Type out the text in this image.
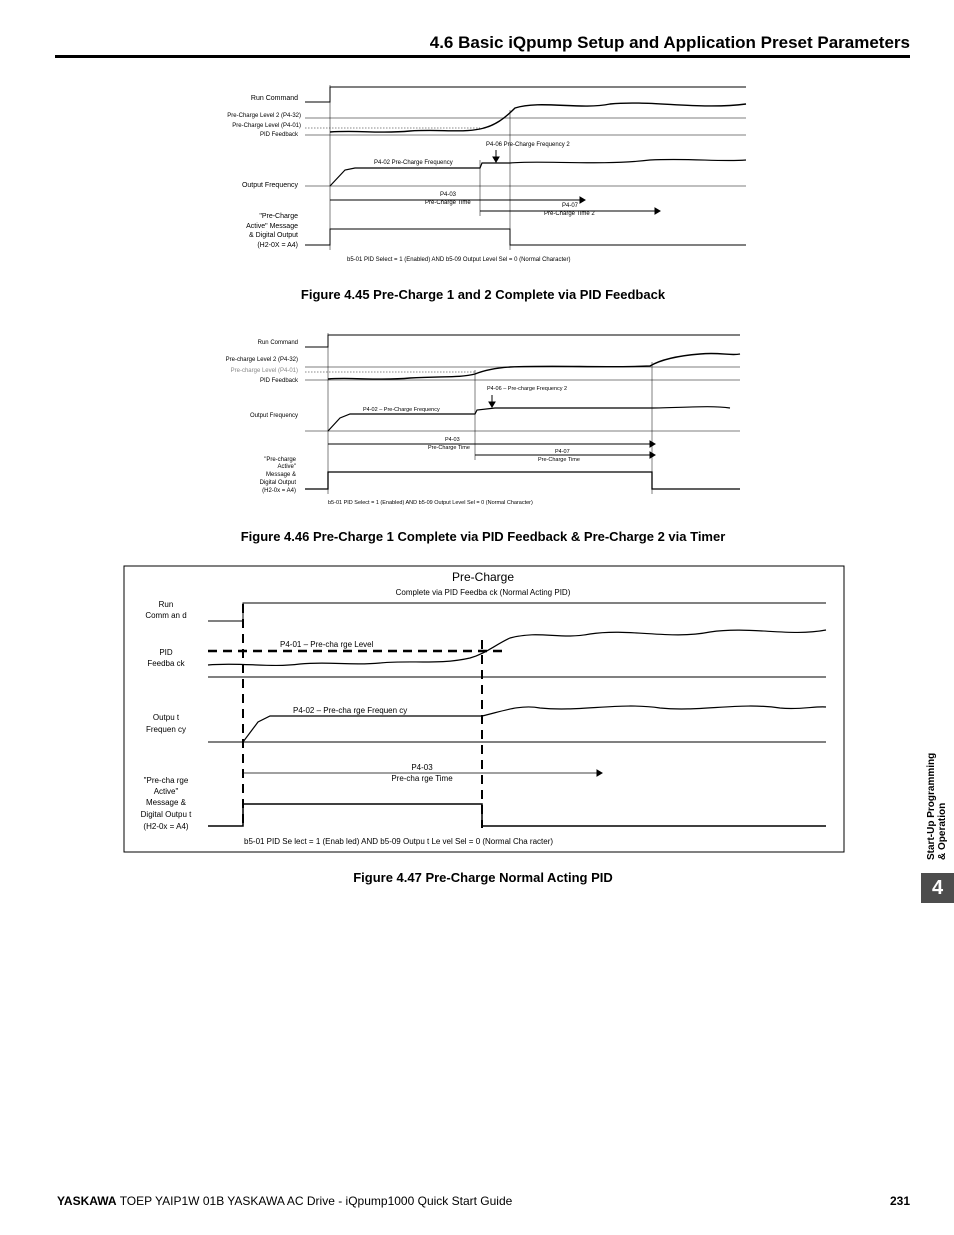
4.6 Basic iQpump Setup and Application Preset Parameters
Run Command
Pre-Charge Level 2 (P4-32)
Pre-Charge Level (P4-01)
PID Feedback
Output Frequency
"Pre-Charge
Active" Message
& Digital Output
(H2-0X = A4)
P4-06 Pre-Charge Frequency 2
P4-02 Pre-Charge Frequency
P4-03
Pre-Charge Time	P4-07
Pre-Charge Time 2
b5-01 PID Select = 1 (Enabled) AND b5-09 Output Level Sel = 0 (Normal Character)
Figure 4.45 Pre-Charge 1 and 2 Complete via PID Feedback
Run Command
Pre-charge Level 2 (P4-32)
Pre-charge Level (P4-01)
PID Feedback
Output Frequency
"Pre-charge
Active"
Message &
Digital Output
(H2-0x = A4)
P4-06 – Pre-charge Frequency 2
P4-02 – Pre-Charge Frequency
P4-03
Pre-Charge Time
P4-07
Pre-Charge Time
b5-01 PID Select = 1 (Enabled) AND b5-09 Output Level Sel = 0 (Normal Character)
Figure 4.46 Pre-Charge 1 Complete via PID Feedback & Pre-Charge 2 via Timer
Pre-Charge
Complete via PID Feedba ck (Normal Acting PID)
Run
Comm an d
PID
Feedba ck
Outpu t
Frequen cy
"Pre-cha rge
Active"
Message &
Digital Outpu t
(H2-0x = A4)
P4-01 – Pre-cha rge Level
P4-02 – Pre-cha rge Frequen cy
P4-03
Pre-cha rge Time
b5-01 PID Se lect = 1 (Enab led) AND b5-09 Outpu t Le vel Sel = 0 (Normal Cha racter)
Figure 4.47 Pre-Charge Normal Acting PID
Start-Up Programming & Operation
4
YASKAWA TOEP YAIP1W 01B YASKAWA AC Drive - iQpump1000 Quick Start Guide	231
